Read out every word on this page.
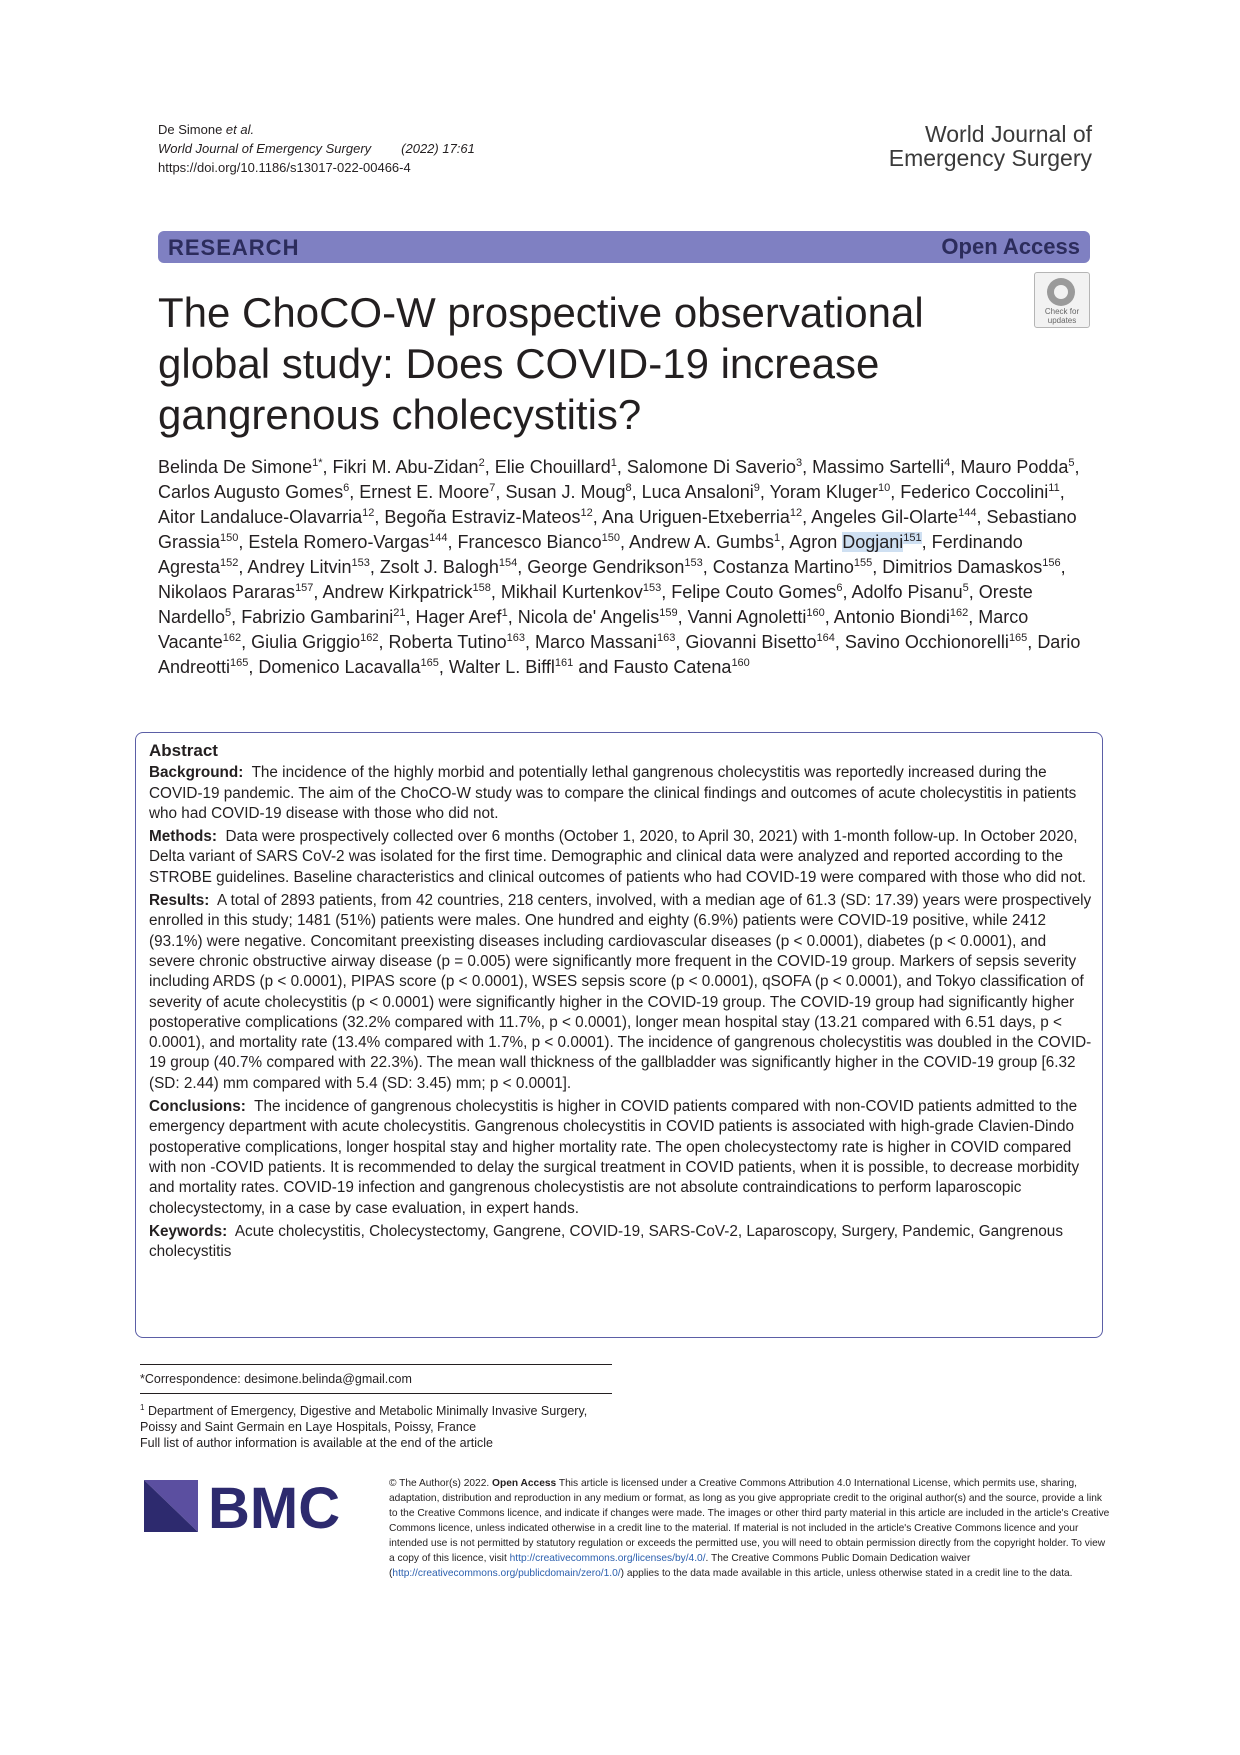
De Simone et al.
World Journal of Emergency Surgery (2022) 17:61
https://doi.org/10.1186/s13017-022-00466-4
World Journal of
Emergency Surgery
RESEARCH	Open Access
The ChoCO-W prospective observational global study: Does COVID-19 increase gangrenous cholecystitis?
Check for
updates
Belinda De Simone$^{1*}$, Fikri M. Abu-Zidan$^2$, Elie Chouillard$^1$, Salomone Di Saverio$^3$, Massimo Sartelli$^4$, Mauro Podda$^5$, Carlos Augusto Gomes$^6$, Ernest E. Moore$^7$, Susan J. Moug$^8$, Luca Ansaloni$^9$, Yoram Kluger$^{10}$, Federico Coccolini$^{11}$, Aitor Landaluce-Olavarria$^{12}$, Begoña Estraviz-Mateos$^{12}$, Ana Uriguen-Etxeberria$^{12}$, Angeles Gil-Olarte$^{144}$, Sebastiano Grassia$^{150}$, Estela Romero-Vargas$^{144}$, Francesco Bianco$^{150}$, Andrew A. Gumbs$^1$, Agron Dogjani$^{151}$, Ferdinando Agresta$^{152}$, Andrey Litvin$^{153}$, Zsolt J. Balogh$^{154}$, George Gendrikson$^{153}$, Costanza Martino$^{155}$, Dimitrios Damaskos$^{156}$, Nikolaos Pararas$^{157}$, Andrew Kirkpatrick$^{158}$, Mikhail Kurtenkov$^{153}$, Felipe Couto Gomes$^6$, Adolfo Pisanu$^5$, Oreste Nardello$^5$, Fabrizio Gambarini$^{21}$, Hager Aref$^1$, Nicola de' Angelis$^{159}$, Vanni Agnoletti$^{160}$, Antonio Biondi$^{162}$, Marco Vacante$^{162}$, Giulia Griggio$^{162}$, Roberta Tutino$^{163}$, Marco Massani$^{163}$, Giovanni Bisetto$^{164}$, Savino Occhionorelli$^{165}$, Dario Andreotti$^{165}$, Domenico Lacavalla$^{165}$, Walter L. Biffl$^{161}$ and Fausto Catena$^{160}$

Abstract

Background: The incidence of the highly morbid and potentially lethal gangrenous cholecystitis was reportedly increased during the COVID-19 pandemic. The aim of the ChoCO-W study was to compare the clinical findings and outcomes of acute cholecystitis in patients who had COVID-19 disease with those who did not.

Methods: Data were prospectively collected over 6 months (October 1, 2020, to April 30, 2021) with 1-month follow-up. In October 2020, Delta variant of SARS CoV-2 was isolated for the first time. Demographic and clinical data were analyzed and reported according to the STROBE guidelines. Baseline characteristics and clinical outcomes of patients who had COVID-19 were compared with those who did not.

Results: A total of 2893 patients, from 42 countries, 218 centers, involved, with a median age of 61.3 (SD: 17.39) years were prospectively enrolled in this study; 1481 (51%) patients were males. One hundred and eighty (6.9%) patients were COVID-19 positive, while 2412 (93.1%) were negative. Concomitant preexisting diseases including cardiovascular diseases (p < 0.0001), diabetes (p < 0.0001), and severe chronic obstructive airway disease (p = 0.005) were significantly more frequent in the COVID-19 group. Markers of sepsis severity including ARDS (p < 0.0001), PIPAS score (p < 0.0001), WSES sepsis score (p < 0.0001), qSOFA (p < 0.0001), and Tokyo classification of severity of acute cholecystitis (p < 0.0001) were significantly higher in the COVID-19 group. The COVID-19 group had significantly higher postoperative complications (32.2% compared with 11.7%, p < 0.0001), longer mean hospital stay (13.21 compared with 6.51 days, p < 0.0001), and mortality rate (13.4% compared with 1.7%, p < 0.0001). The incidence of gangrenous cholecystitis was doubled in the COVID-19 group (40.7% compared with 22.3%). The mean wall thickness of the gallbladder was significantly higher in the COVID-19 group [6.32 (SD: 2.44) mm compared with 5.4 (SD: 3.45) mm; p < 0.0001].

Conclusions: The incidence of gangrenous cholecystitis is higher in COVID patients compared with non-COVID patients admitted to the emergency department with acute cholecystitis. Gangrenous cholecystitis in COVID patients is associated with high-grade Clavien-Dindo postoperative complications, longer hospital stay and higher mortality rate. The open cholecystectomy rate is higher in COVID compared with non -COVID patients. It is recommended to delay the surgical treatment in COVID patients, when it is possible, to decrease morbidity and mortality rates. COVID-19 infection and gangrenous cholecystistis are not absolute contraindications to perform laparoscopic cholecystectomy, in a case by case evaluation, in expert hands.

Keywords: Acute cholecystitis, Cholecystectomy, Gangrene, COVID-19, SARS-CoV-2, Laparoscopy, Surgery, Pandemic, Gangrenous cholecystitis

*Correspondence: desimone.belinda@gmail.com
$^1$ Department of Emergency, Digestive and Metabolic Minimally Invasive Surgery, Poissy and Saint Germain en Laye Hospitals, Poissy, France
Full list of author information is available at the end of the article
BMC	© The Author(s) 2022. Open Access This article is licensed under a Creative Commons Attribution 4.0 International License, which permits use, sharing, adaptation, distribution and reproduction in any medium or format, as long as you give appropriate credit to the original author(s) and the source, provide a link to the Creative Commons licence, and indicate if changes were made. The images or other third party material in this article are included in the article's Creative Commons licence, unless indicated otherwise in a credit line to the material. If material is not included in the article's Creative Commons licence and your intended use is not permitted by statutory regulation or exceeds the permitted use, you will need to obtain permission directly from the copyright holder. To view a copy of this licence, visit http://creativecommons.org/licenses/by/4.0/. The Creative Commons Public Domain Dedication waiver (http://creativecommons.org/publicdomain/zero/1.0/) applies to the data made available in this article, unless otherwise stated in a credit line to the data.
